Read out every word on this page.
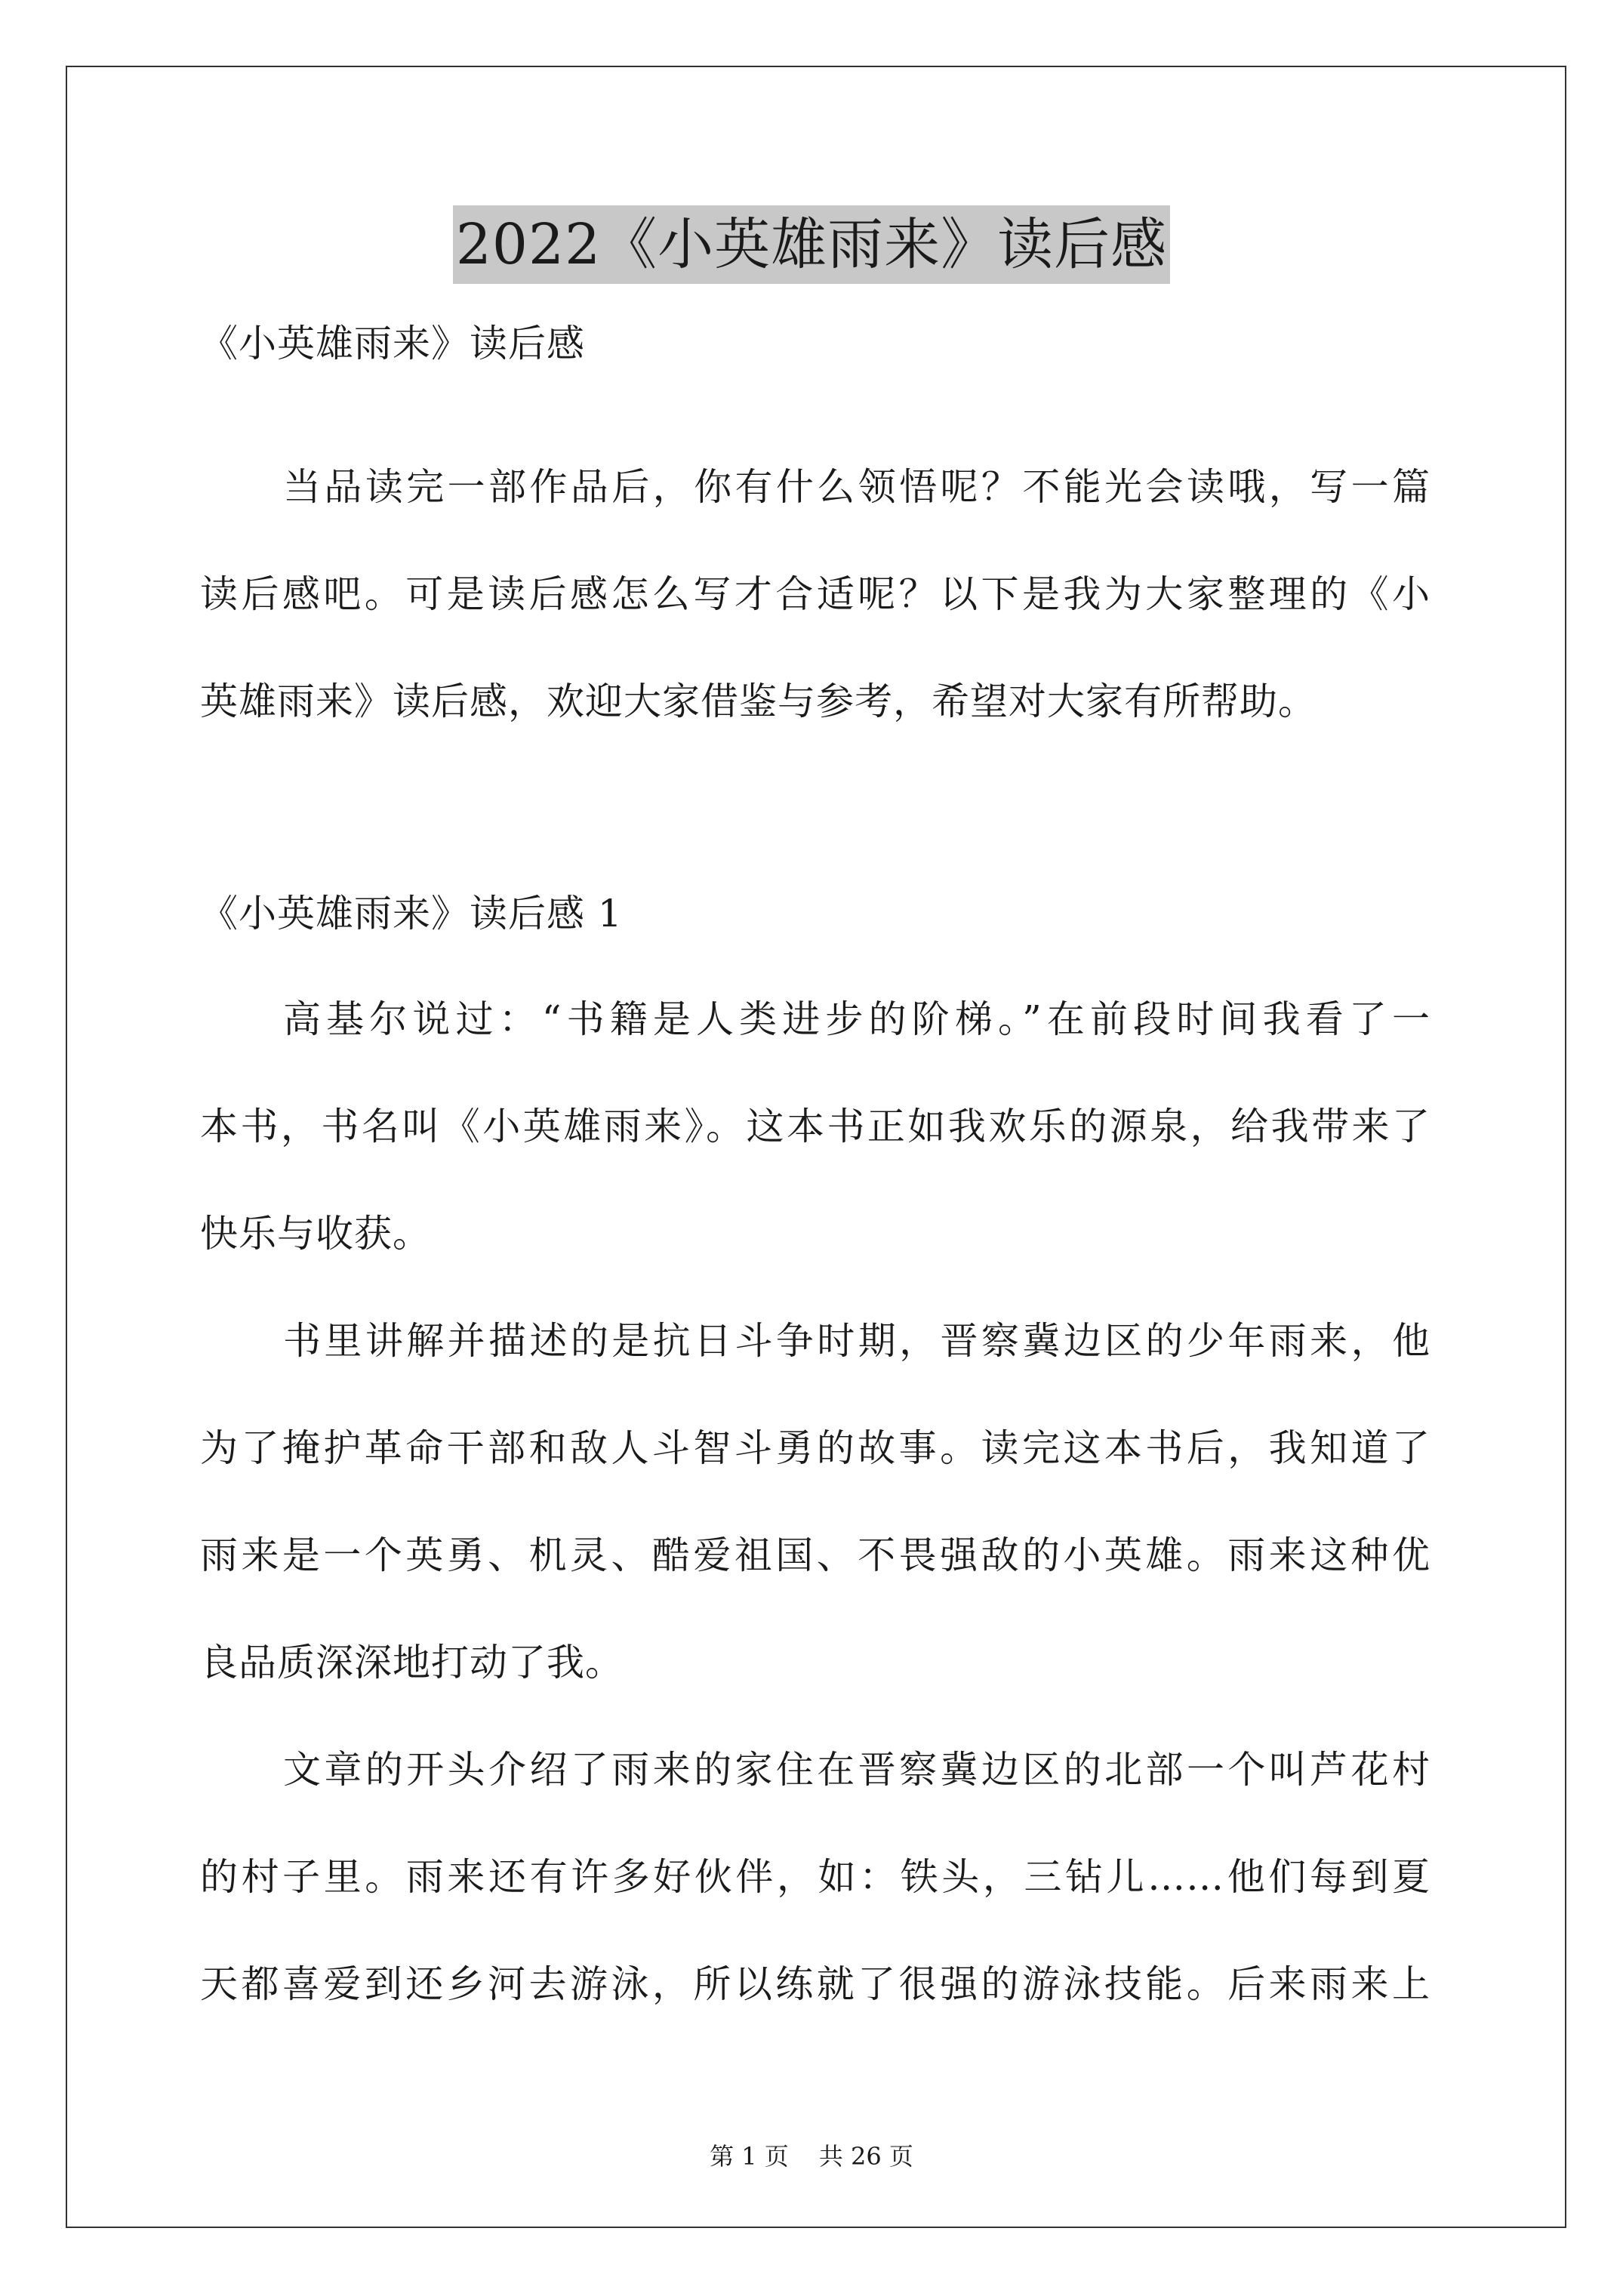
2022《小英雄雨来》读后感
《小英雄雨来》读后感
当品读完一部作品后，你有什么领悟呢？不能光会读哦，写一篇
读后感吧。可是读后感怎么写才合适呢？以下是我为大家整理的《小
英雄雨来》读后感，欢迎大家借鉴与参考，希望对大家有所帮助。
《小英雄雨来》读后感 1
高基尔说过：“书籍是人类进步的阶梯。”在前段时间我看了一
本书，书名叫《小英雄雨来》。这本书正如我欢乐的源泉，给我带来了
快乐与收获。
书里讲解并描述的是抗日斗争时期，晋察冀边区的少年雨来，他
为了掩护革命干部和敌人斗智斗勇的故事。读完这本书后，我知道了
雨来是一个英勇、机灵、酷爱祖国、不畏强敌的小英雄。雨来这种优
良品质深深地打动了我。
文章的开头介绍了雨来的家住在晋察冀边区的北部一个叫芦花村
的村子里。雨来还有许多好伙伴，如：铁头，三钻儿……他们每到夏
天都喜爱到还乡河去游泳，所以练就了很强的游泳技能。后来雨来上
第 1 页 共 26 页
